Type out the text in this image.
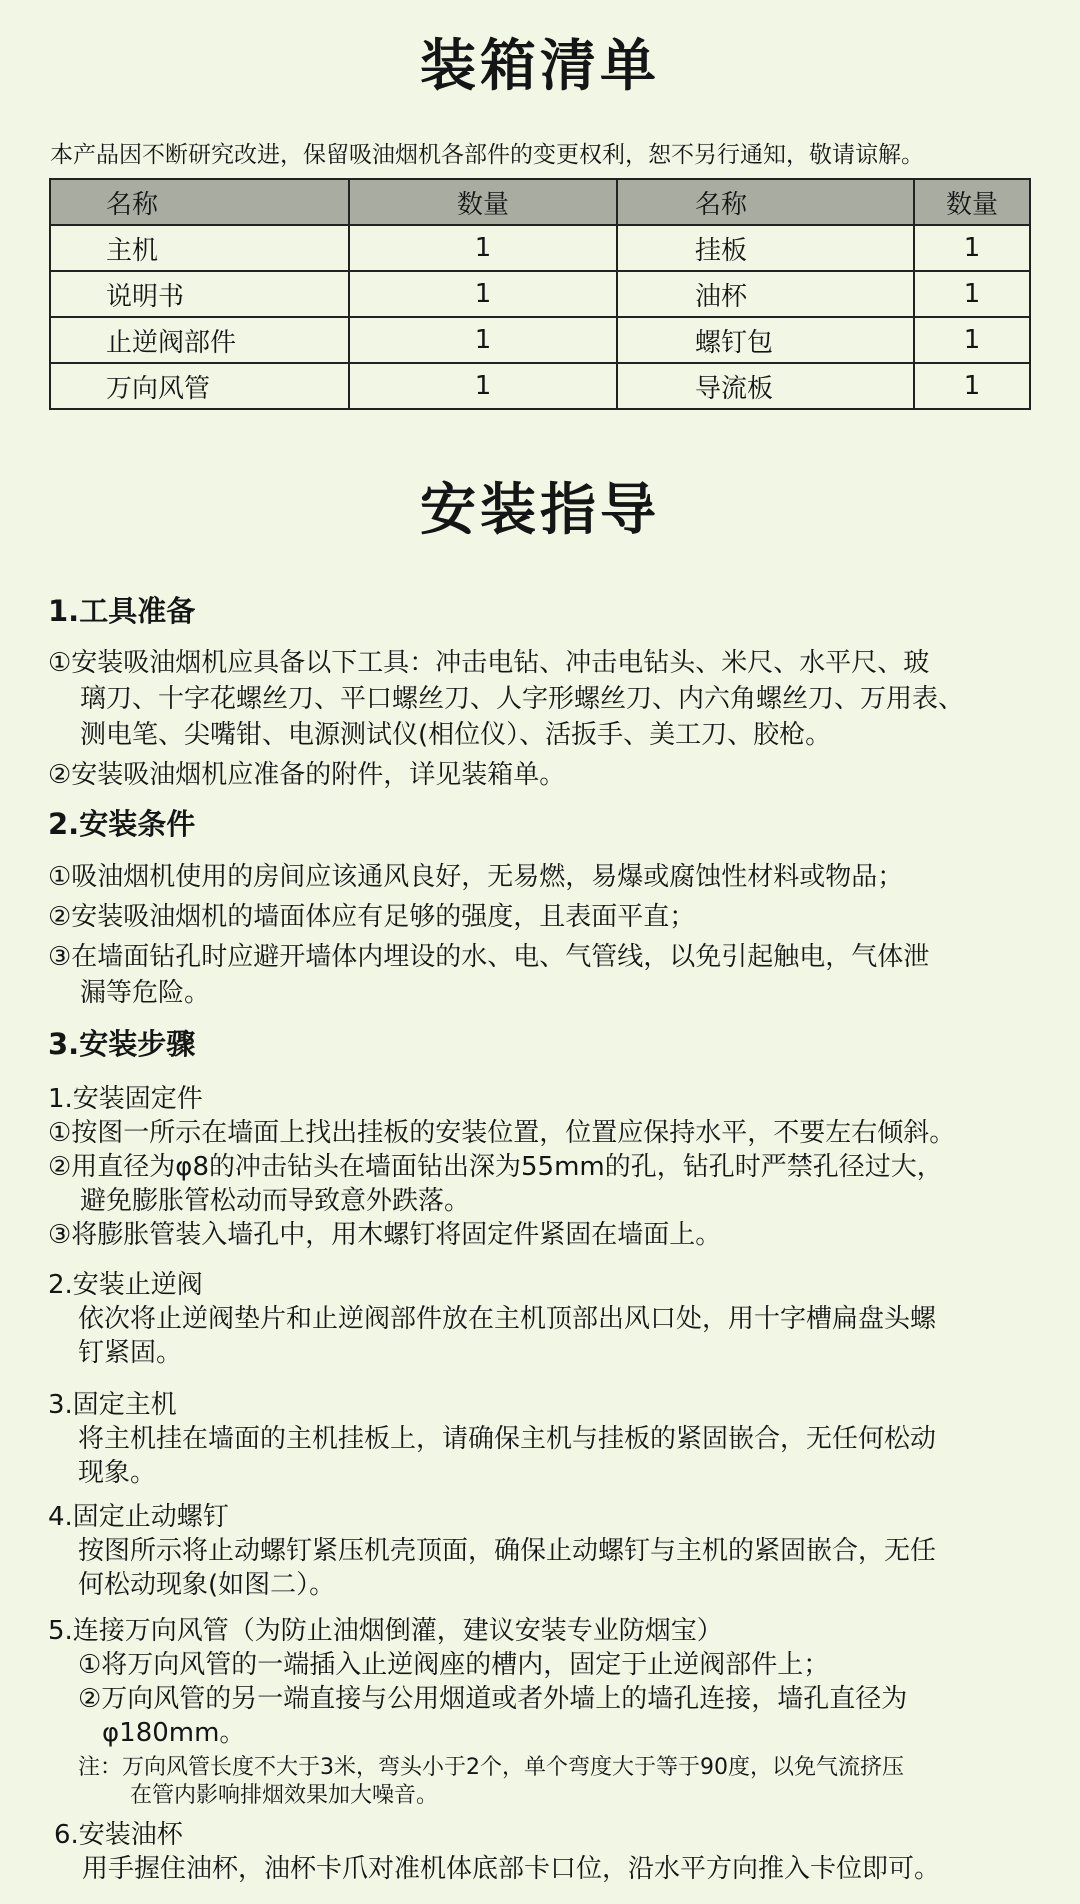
装箱清单
本产品因不断研究改进，保留吸油烟机各部件的变更权利，恕不另行通知，敬请谅解。
名称	数量	名称	数量
主机	1	挂板	1
说明书	1	油杯	1
止逆阀部件	1	螺钉包	1
万向风管	1	导流板	1
安装指导
1.工具准备
①安装吸油烟机应具备以下工具：冲击电钻、冲击电钻头、米尺、水平尺、玻
璃刀、十字花螺丝刀、平口螺丝刀、人字形螺丝刀、内六角螺丝刀、万用表、
测电笔、尖嘴钳、电源测试仪(相位仪）、活扳手、美工刀、胶枪。
②安装吸油烟机应准备的附件，详见装箱单。
2.安装条件
①吸油烟机使用的房间应该通风良好，无易燃，易爆或腐蚀性材料或物品；
②安装吸油烟机的墙面体应有足够的强度，且表面平直；
③在墙面钻孔时应避开墙体内埋设的水、电、气管线，以免引起触电，气体泄
漏等危险。
3.安装步骤
1.安装固定件
①按图一所示在墙面上找出挂板的安装位置，位置应保持水平，不要左右倾斜。
②用直径为φ8的冲击钻头在墙面钻出深为55mm的孔，钻孔时严禁孔径过大，
避免膨胀管松动而导致意外跌落。
③将膨胀管装入墙孔中，用木螺钉将固定件紧固在墙面上。
2.安装止逆阀
依次将止逆阀垫片和止逆阀部件放在主机顶部出风口处，用十字槽扁盘头螺
钉紧固。
3.固定主机
将主机挂在墙面的主机挂板上，请确保主机与挂板的紧固嵌合，无任何松动
现象。
4.固定止动螺钉
按图所示将止动螺钉紧压机壳顶面，确保止动螺钉与主机的紧固嵌合，无任
何松动现象(如图二）。
5.连接万向风管（为防止油烟倒灌，建议安装专业防烟宝）
①将万向风管的一端插入止逆阀座的槽内，固定于止逆阀部件上；
②万向风管的另一端直接与公用烟道或者外墙上的墙孔连接，墙孔直径为
φ180mm。
注：万向风管长度不大于3米，弯头小于2个，单个弯度大于等于90度，以免气流挤压
在管内影响排烟效果加大噪音。
6.安装油杯
用手握住油杯，油杯卡爪对准机体底部卡口位，沿水平方向推入卡位即可。
